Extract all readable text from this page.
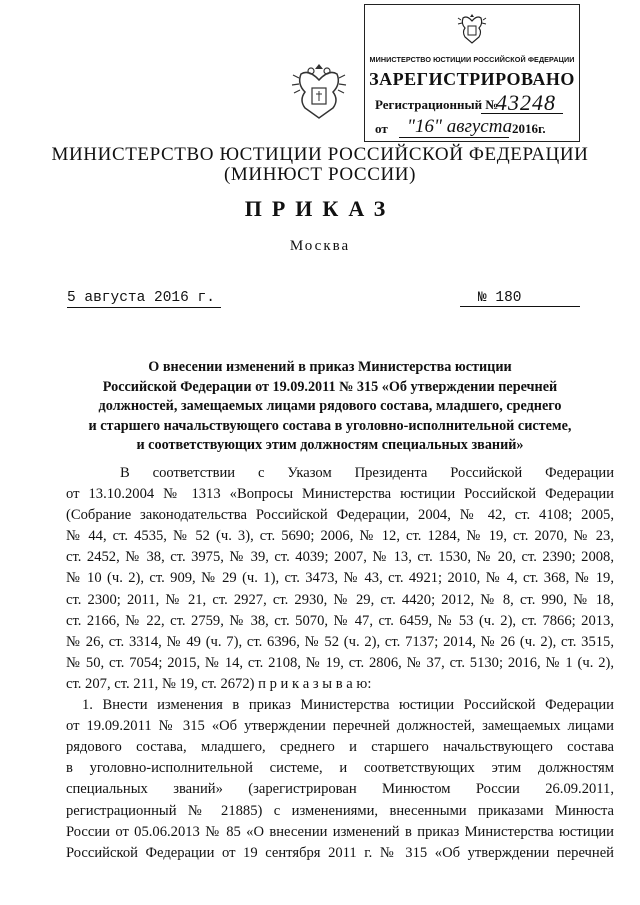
МИНИСТЕРСТВО ЮСТИЦИИ РОССИЙСКОЙ ФЕДЕРАЦИИ
ЗАРЕГИСТРИРОВАНО
Регистрационный №
43248
от "16" августа 2016г.
МИНИСТЕРСТВО ЮСТИЦИИ РОССИЙСКОЙ ФЕДЕРАЦИИ
(МИНЮСТ РОССИИ)
ПРИКАЗ
Москва
5 августа 2016 г.	№ 180
О внесении изменений в приказ Министерства юстиции
Российской Федерации от 19.09.2011 № 315 «Об утверждении перечней
должностей, замещаемых лицами рядового состава, младшего, среднего
и старшего начальствующего состава в уголовно-исполнительной системе,
и соответствующих этим должностям специальных званий»
В соответствии с Указом Президента Российской Федерации
от 13.10.2004 № 1313 «Вопросы Министерства юстиции Российской Федерации
(Собрание законодательства Российской Федерации, 2004, № 42, ст. 4108; 2005,
№ 44, ст. 4535, № 52 (ч. 3), ст. 5690; 2006, № 12, ст. 1284, № 19, ст. 2070, № 23,
ст. 2452, № 38, ст. 3975, № 39, ст. 4039; 2007, № 13, ст. 1530, № 20, ст. 2390; 2008,
№ 10 (ч. 2), ст. 909, № 29 (ч. 1), ст. 3473, № 43, ст. 4921; 2010, № 4, ст. 368, № 19,
ст. 2300; 2011, № 21, ст. 2927, ст. 2930, № 29, ст. 4420; 2012, № 8, ст. 990, № 18,
ст. 2166, № 22, ст. 2759, № 38, ст. 5070, № 47, ст. 6459, № 53 (ч. 2), ст. 7866; 2013,
№ 26, ст. 3314, № 49 (ч. 7), ст. 6396, № 52 (ч. 2), ст. 7137; 2014, № 26 (ч. 2), ст. 3515,
№ 50, ст. 7054; 2015, № 14, ст. 2108, № 19, ст. 2806, № 37, ст. 5130; 2016, № 1 (ч. 2),
ст. 207, ст. 211, № 19, ст. 2672) п р и к а з ы в а ю:
1. Внести изменения в приказ Министерства юстиции Российской Федерации
от 19.09.2011 № 315 «Об утверждении перечней должностей, замещаемых лицами
рядового состава, младшего, среднего и старшего начальствующего состава
в уголовно-исполнительной системе, и соответствующих этим должностям
специальных званий» (зарегистрирован Минюстом России 26.09.2011,
регистрационный № 21885) с изменениями, внесенными приказами Минюста
России от 05.06.2013 № 85 «О внесении изменений в приказ Министерства юстиции
Российской Федерации от 19 сентября 2011 г. № 315 «Об утверждении перечней
